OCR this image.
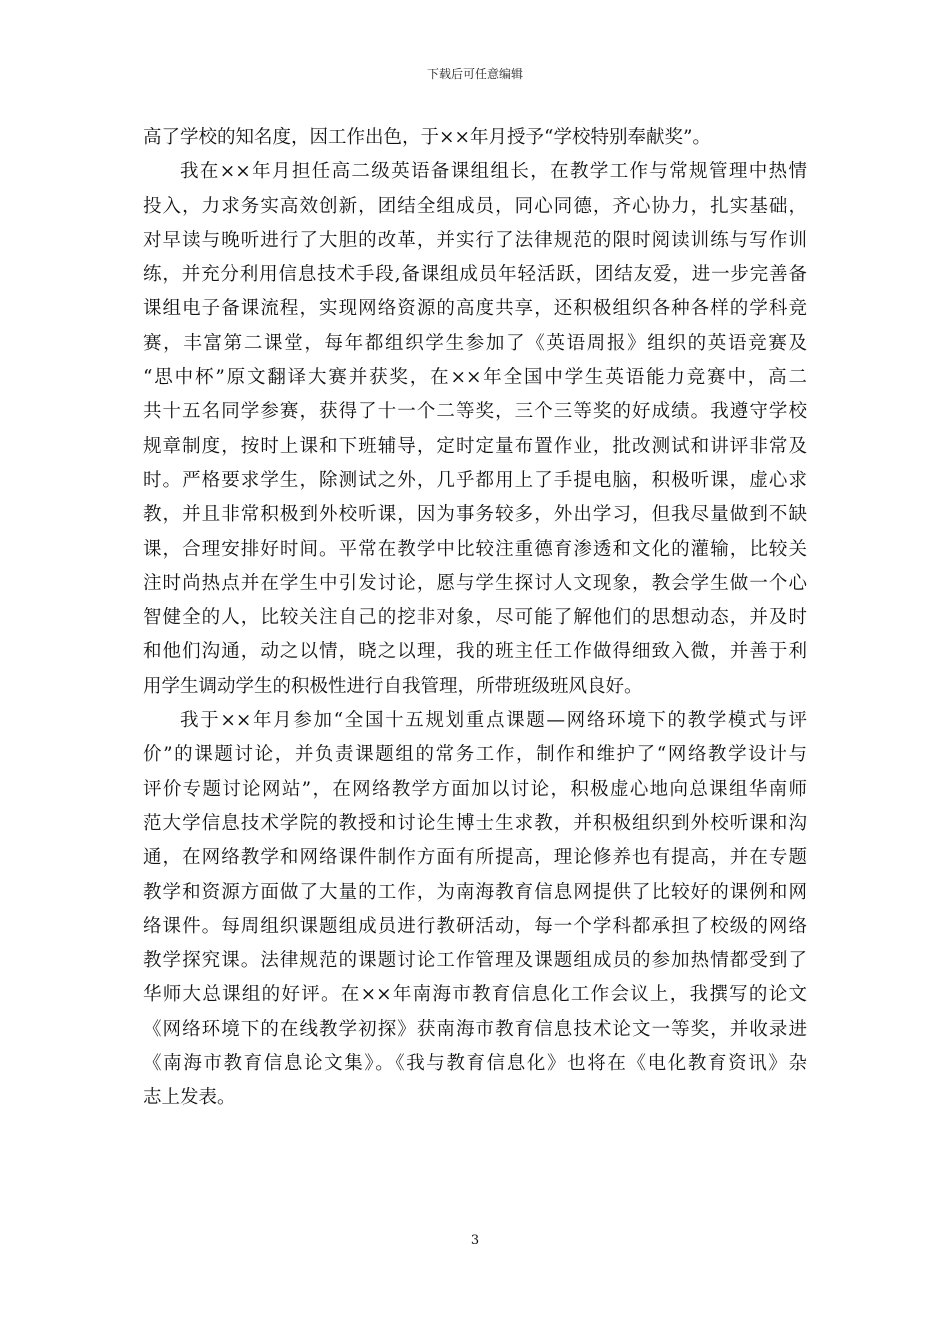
下载后可任意编辑
高了学校的知名度，因工作出色，于××年月授予“学校特别奉献奖”。
我在××年月担任高二级英语备课组组长，在教学工作与常规管理中热情
投入，力求务实高效创新，团结全组成员，同心同德，齐心协力，扎实基础，
对早读与晚听进行了大胆的改革，并实行了法律规范的限时阅读训练与写作训
练，并充分利用信息技术手段,备课组成员年轻活跃，团结友爱，进一步完善备
课组电子备课流程，实现网络资源的高度共享，还积极组织各种各样的学科竞
赛，丰富第二课堂，每年都组织学生参加了《英语周报》组织的英语竞赛及
“思中杯”原文翻译大赛并获奖，在××年全国中学生英语能力竞赛中，高二
共十五名同学参赛，获得了十一个二等奖，三个三等奖的好成绩。我遵守学校
规章制度，按时上课和下班辅导，定时定量布置作业，批改测试和讲评非常及
时。严格要求学生，除测试之外，几乎都用上了手提电脑，积极听课，虚心求
教，并且非常积极到外校听课，因为事务较多，外出学习，但我尽量做到不缺
课，合理安排好时间。平常在教学中比较注重德育渗透和文化的灌输，比较关
注时尚热点并在学生中引发讨论，愿与学生探讨人文现象，教会学生做一个心
智健全的人，比较关注自己的挖非对象，尽可能了解他们的思想动态，并及时
和他们沟通，动之以情，晓之以理，我的班主任工作做得细致入微，并善于利
用学生调动学生的积极性进行自我管理，所带班级班风良好。
我于××年月参加“全国十五规划重点课题—网络环境下的教学模式与评
价”的课题讨论，并负责课题组的常务工作，制作和维护了“网络教学设计与
评价专题讨论网站”，在网络教学方面加以讨论，积极虚心地向总课组华南师
范大学信息技术学院的教授和讨论生博士生求教，并积极组织到外校听课和沟
通，在网络教学和网络课件制作方面有所提高，理论修养也有提高，并在专题
教学和资源方面做了大量的工作，为南海教育信息网提供了比较好的课例和网
络课件。每周组织课题组成员进行教研活动，每一个学科都承担了校级的网络
教学探究课。法律规范的课题讨论工作管理及课题组成员的参加热情都受到了
华师大总课组的好评。在××年南海市教育信息化工作会议上，我撰写的论文
《网络环境下的在线教学初探》获南海市教育信息技术论文一等奖，并收录进
《南海市教育信息论文集》。《我与教育信息化》也将在《电化教育资讯》杂
志上发表。
3
